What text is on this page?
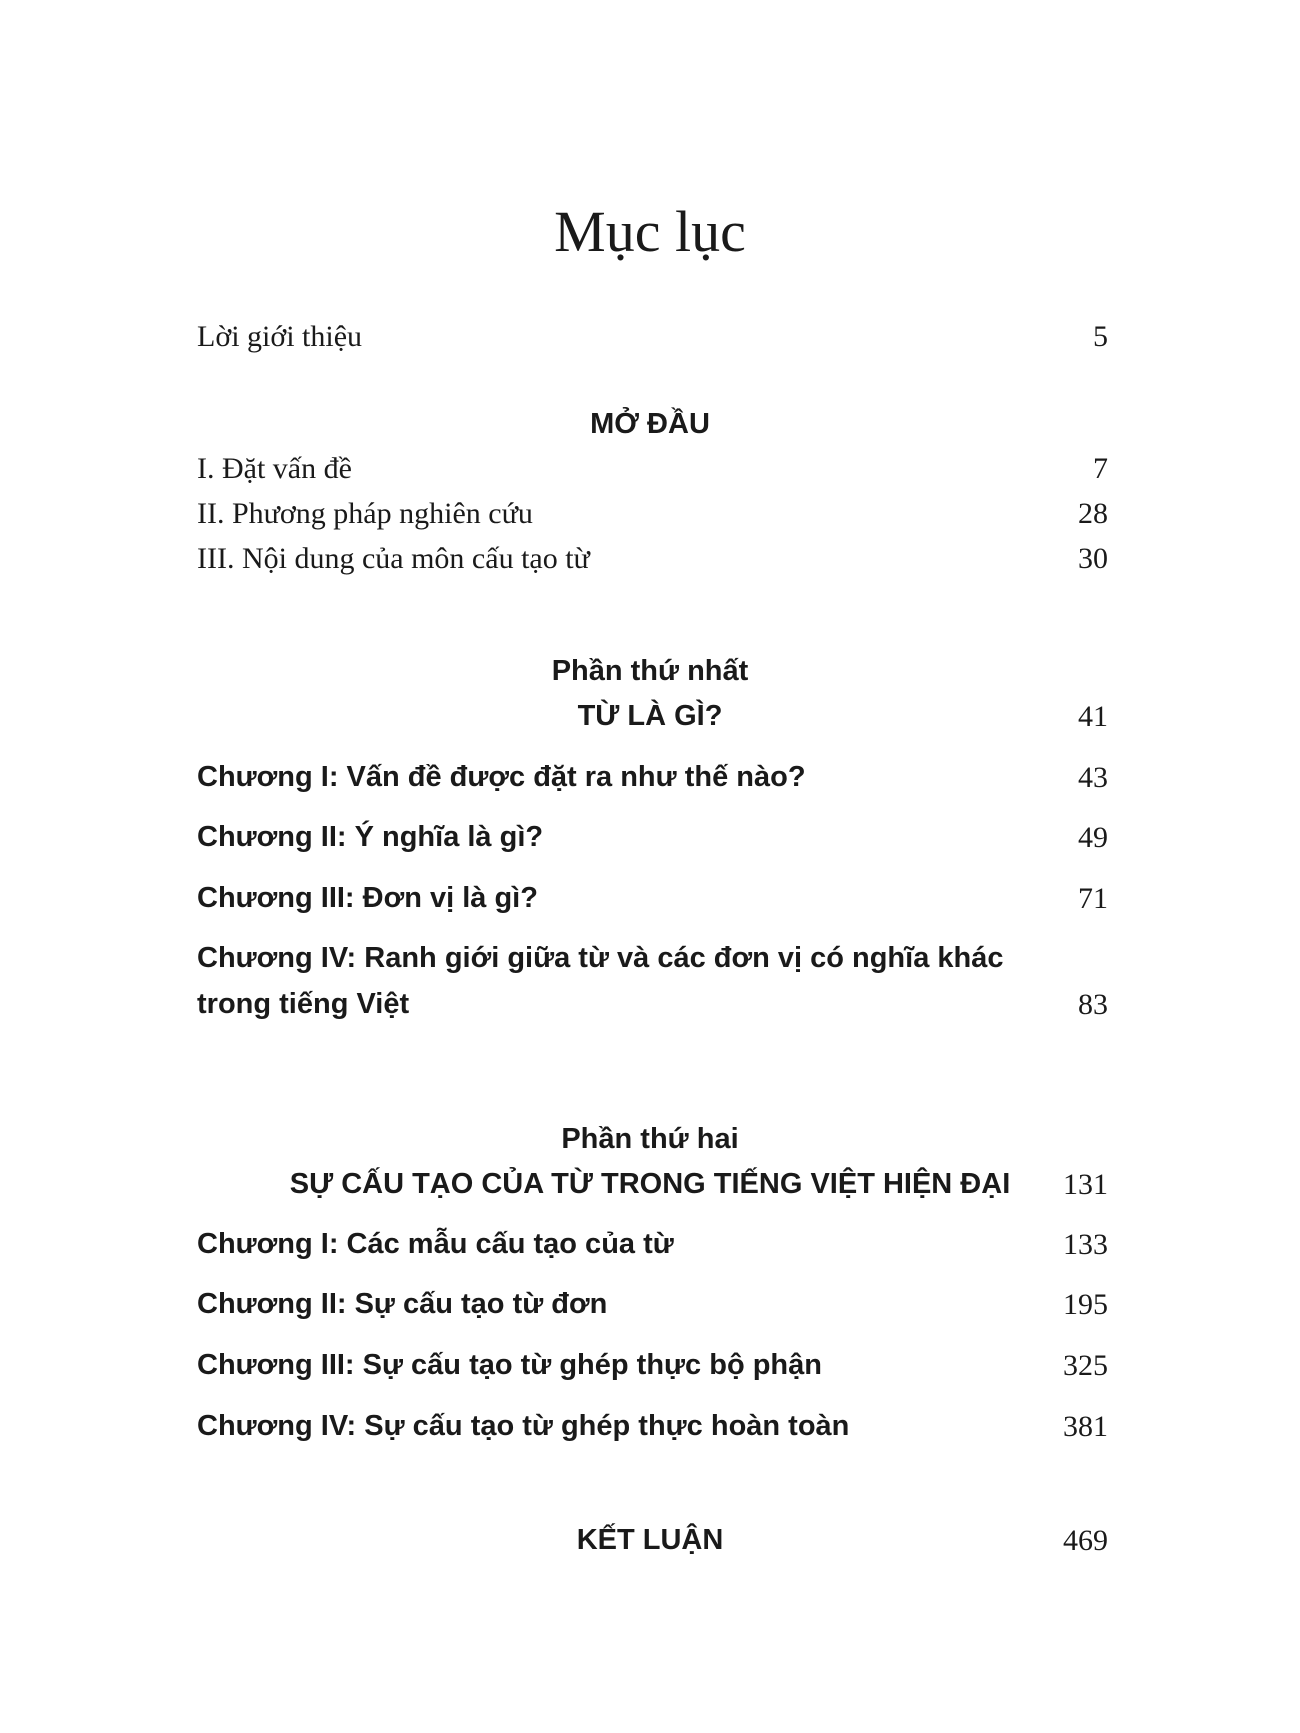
Mục lục
Lời giới thiệu	5
MỞ ĐẦU
I. Đặt vấn đề	7
II. Phương pháp nghiên cứu	28
III. Nội dung của môn cấu tạo từ	30
Phần thứ nhất
TỪ LÀ GÌ?	41
Chương I: Vấn đề được đặt ra như thế nào?	43
Chương II: Ý nghĩa là gì?	49
Chương III: Đơn vị là gì?	71
Chương IV: Ranh giới giữa từ và các đơn vị có nghĩa khác
trong tiếng Việt	83
Phần thứ hai
SỰ CẤU TẠO CỦA TỪ TRONG TIẾNG VIỆT HIỆN ĐẠI	131
Chương I: Các mẫu cấu tạo của từ	133
Chương II: Sự cấu tạo từ đơn	195
Chương III: Sự cấu tạo từ ghép thực bộ phận	325
Chương IV: Sự cấu tạo từ ghép thực hoàn toàn	381
KẾT LUẬN	469
